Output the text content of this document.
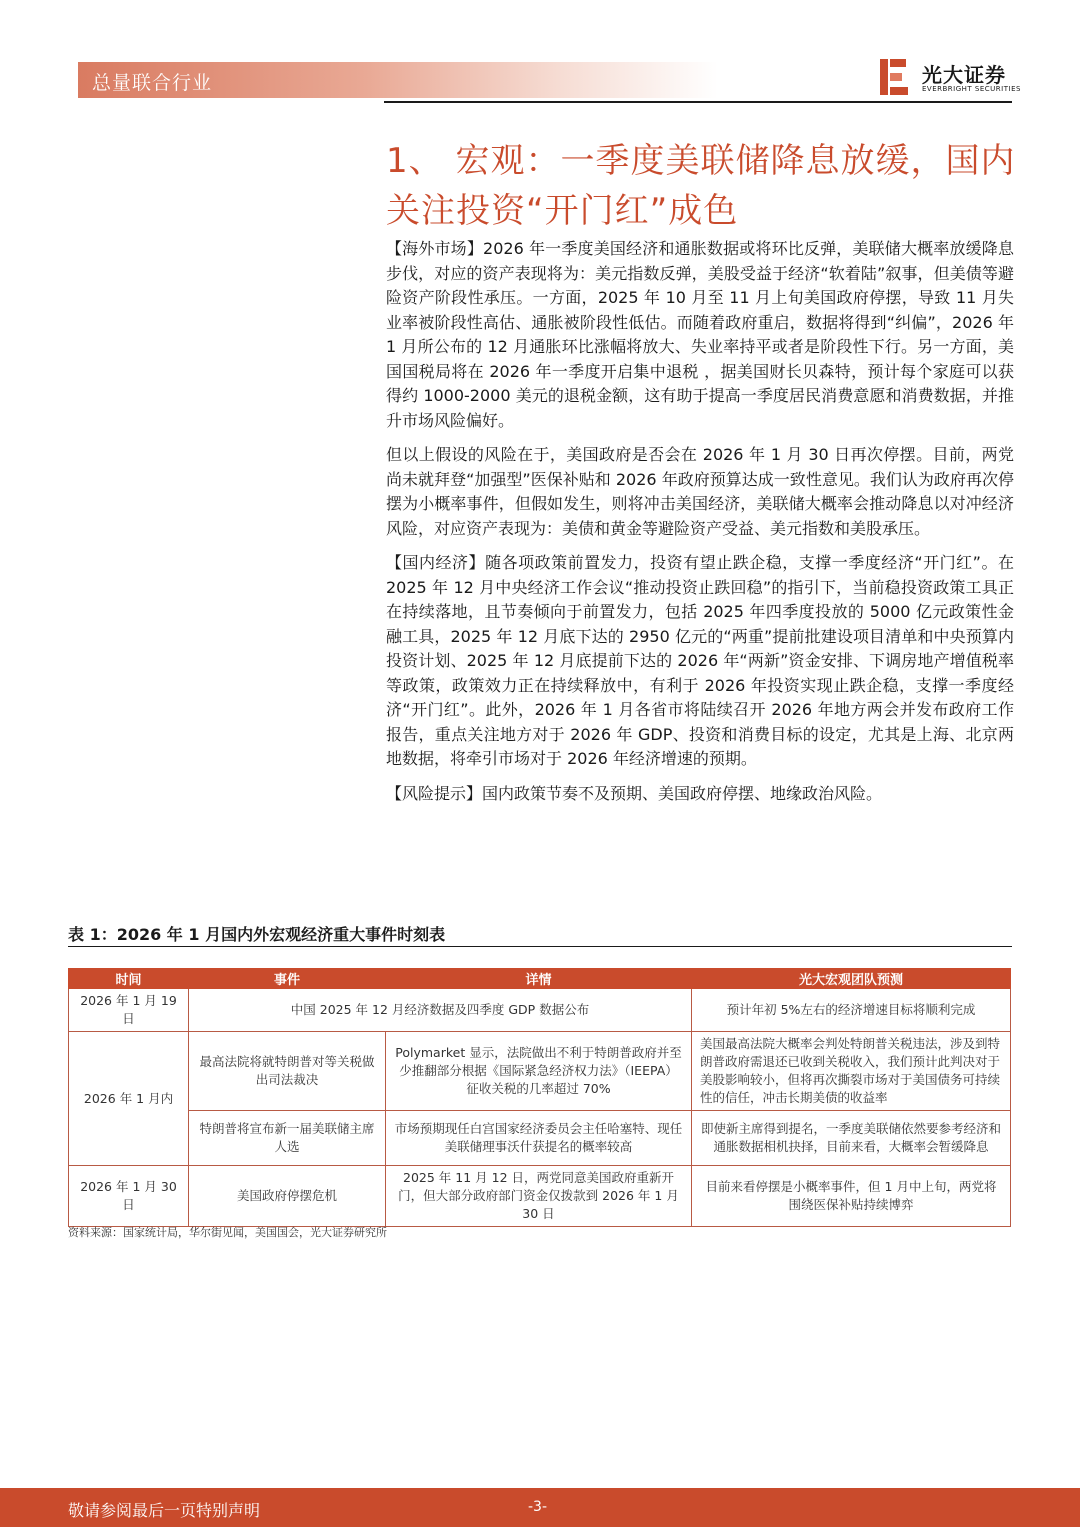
总量联合行业	光大证券
EVERBRIGHT SECURITIES
1、 宏观：一季度美联储降息放缓，国内关注投资“开门红”成色

【海外市场】2026 年一季度美国经济和通胀数据或将环比反弹，美联储大概率放缓降息步伐，对应的资产表现将为：美元指数反弹，美股受益于经济“软着陆”叙事，但美债等避险资产阶段性承压。一方面，2025 年 10 月至 11 月上旬美国政府停摆，导致 11 月失业率被阶段性高估、通胀被阶段性低估。而随着政府重启，数据将得到“纠偏”，2026 年 1 月所公布的 12 月通胀环比涨幅将放大、失业率持平或者是阶段性下行。另一方面，美国国税局将在 2026 年一季度开启集中退税 ，据美国财长贝森特，预计每个家庭可以获得约 1000-2000 美元的退税金额，这有助于提高一季度居民消费意愿和消费数据，并推升市场风险偏好。

但以上假设的风险在于，美国政府是否会在 2026 年 1 月 30 日再次停摆。目前，两党尚未就拜登“加强型”医保补贴和 2026 年政府预算达成一致性意见。我们认为政府再次停摆为小概率事件，但假如发生，则将冲击美国经济，美联储大概率会推动降息以对冲经济风险，对应资产表现为：美债和黄金等避险资产受益、美元指数和美股承压。

【国内经济】随各项政策前置发力，投资有望止跌企稳，支撑一季度经济“开门红”。在 2025 年 12 月中央经济工作会议“推动投资止跌回稳”的指引下，当前稳投资政策工具正在持续落地，且节奏倾向于前置发力，包括 2025 年四季度投放的 5000 亿元政策性金融工具，2025 年 12 月底下达的 2950 亿元的“两重”提前批建设项目清单和中央预算内投资计划、2025 年 12 月底提前下达的 2026 年“两新”资金安排、下调房地产增值税率等政策，政策效力正在持续释放中，有利于 2026 年投资实现止跌企稳，支撑一季度经济“开门红”。此外，2026 年 1 月各省市将陆续召开 2026 年地方两会并发布政府工作报告，重点关注地方对于 2026 年 GDP、投资和消费目标的设定，尤其是上海、北京两地数据，将牵引市场对于 2026 年经济增速的预期。

【风险提示】国内政策节奏不及预期、美国政府停摆、地缘政治风险。

表 1：2026 年 1 月国内外宏观经济重大事件时刻表
时间	事件	详情	光大宏观团队预测
2026 年 1 月 19 日	中国 2025 年 12 月经济数据及四季度 GDP 数据公布		预计年初 5%左右的经济增速目标将顺利完成
2026 年 1 月内	最高法院将就特朗普对等关税做出司法裁决	Polymarket 显示，法院做出不利于特朗普政府并至少推翻部分根据《国际紧急经济权力法》（IEEPA）征收关税的几率超过 70%	美国最高法院大概率会判处特朗普关税违法，涉及到特朗普政府需退还已收到关税收入，我们预计此判决对于美股影响较小，但将再次撕裂市场对于美国债务可持续性的信任，冲击长期美债的收益率
	特朗普将宣布新一届美联储主席人选	市场预期现任白宫国家经济委员会主任哈塞特、现任美联储理事沃什获提名的概率较高	即使新主席得到提名，一季度美联储依然要参考经济和通胀数据相机抉择，目前来看，大概率会暂缓降息
2026 年 1 月 30 日	美国政府停摆危机	2025 年 11 月 12 日，两党同意美国政府重新开门，但大部分政府部门资金仅拨款到 2026 年 1 月 30 日	目前来看停摆是小概率事件，但 1 月中上旬，两党将围绕医保补贴持续博弈
资料来源：国家统计局，华尔街见闻，美国国会，光大证券研究所
敬请参阅最后一页特别声明	-3-
